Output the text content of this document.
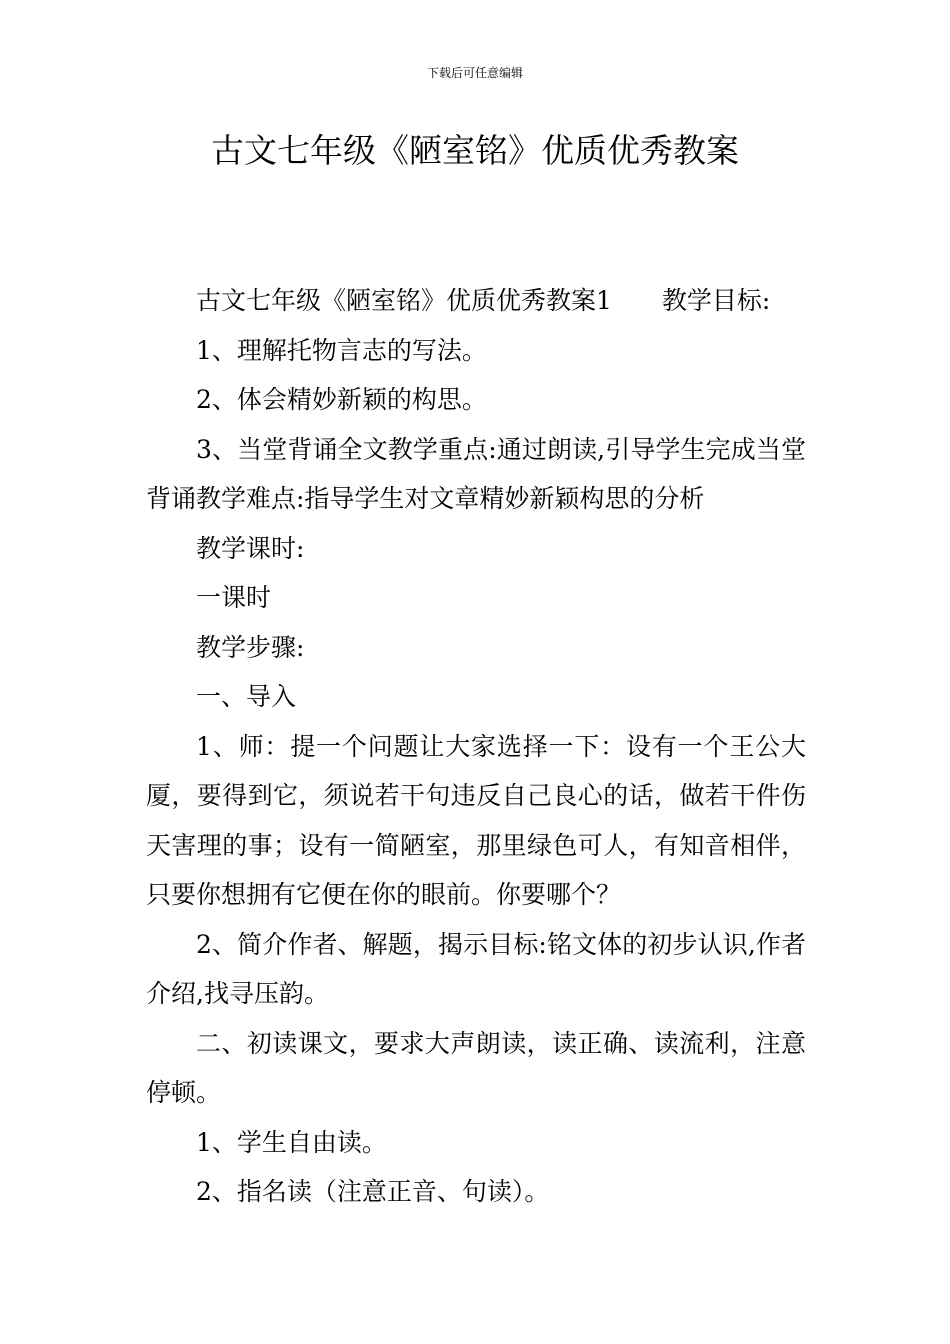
下载后可任意编辑
古文七年级《陋室铭》优质优秀教案

古文七年级《陋室铭》优质优秀教案1　　教学目标:

1、理解托物言志的写法。

2、体会精妙新颖的构思。

3、当堂背诵全文教学重点:通过朗读,引导学生完成当堂背诵教学难点:指导学生对文章精妙新颖构思的分析

教学课时:

一课时

教学步骤:

一、导入

1、师：提一个问题让大家选择一下：设有一个王公大厦，要得到它，须说若干句违反自己良心的话，做若干件伤天害理的事；设有一简陋室，那里绿色可人，有知音相伴，只要你想拥有它便在你的眼前。你要哪个？

2、简介作者、解题，揭示目标:铭文体的初步认识,作者介绍,找寻压韵。

二、初读课文，要求大声朗读，读正确、读流利，注意停顿。

1、学生自由读。

2、指名读（注意正音、句读）。
